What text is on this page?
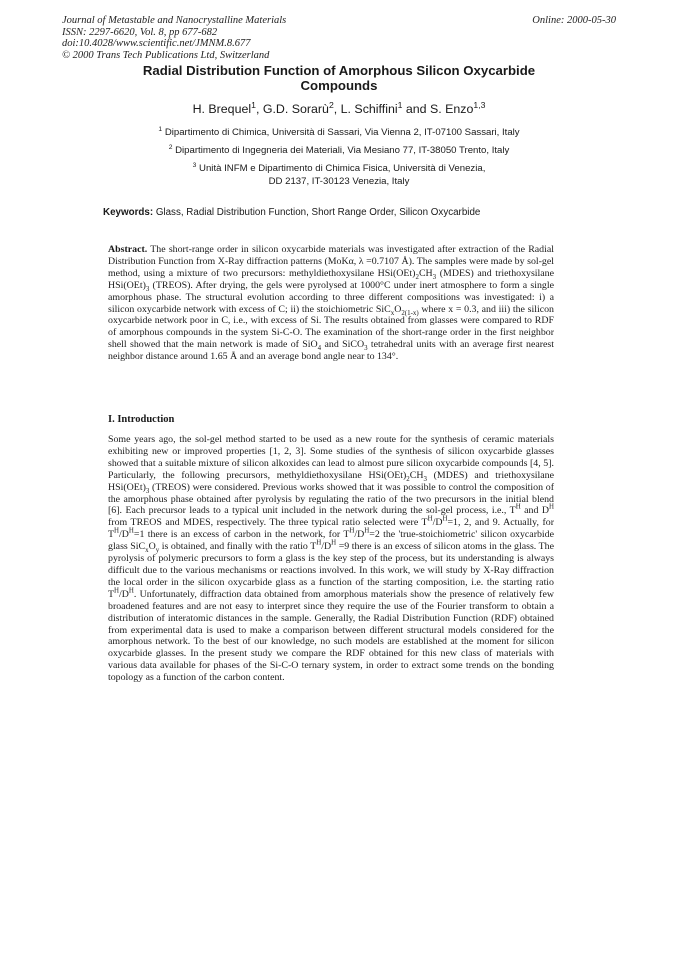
Journal of Metastable and Nanocrystalline Materials
ISSN: 2297-6620, Vol. 8, pp 677-682
doi:10.4028/www.scientific.net/JMNM.8.677
© 2000 Trans Tech Publications Ltd, Switzerland
Online: 2000-05-30
Radial Distribution Function of Amorphous Silicon Oxycarbide
Compounds
H. Brequel$^1$, G.D. Sorarù$^2$, L. Schiffini$^1$ and S. Enzo$^{1,3}$
$^1$ Dipartimento di Chimica, Università di Sassari, Via Vienna 2, IT-07100 Sassari, Italy
$^2$ Dipartimento di Ingegneria dei Materiali, Via Mesiano 77, IT-38050 Trento, Italy
$^3$ Unità INFM e Dipartimento di Chimica Fisica, Università di Venezia,
DD 2137, IT-30123 Venezia, Italy
Keywords: Glass, Radial Distribution Function, Short Range Order, Silicon Oxycarbide
Abstract. The short-range order in silicon oxycarbide materials was investigated after extraction of the Radial Distribution Function from X-Ray diffraction patterns (MoKα, λ =0.7107 Å). The samples were made by sol-gel method, using a mixture of two precursors: methyldiethoxysilane $HSi(OEt)_2CH_3$ (MDES) and triethoxysilane $HSi(OEt)_3$ (TREOS). After drying, the gels were pyrolysed at 1000°C under inert atmosphere to form a single amorphous phase. The structural evolution according to three different compositions was investigated: i) a silicon oxycarbide network with excess of C; ii) the stoichiometric $SiC_xO_{2(1-x)}$ where x = 0.3, and iii) the silicon oxycarbide network poor in C, i.e., with excess of Si. The results obtained from glasses were compared to RDF of amorphous compounds in the system Si-C-O. The examination of the short-range order in the first neighbor shell showed that the main network is made of SiO$_4$ and SiCO$_3$ tetrahedral units with an average first nearest neighbor distance around 1.65 Å and an average bond angle near to 134°.
I. Introduction
Some years ago, the sol-gel method started to be used as a new route for the synthesis of ceramic materials exhibiting new or improved properties [1, 2, 3]. Some studies of the synthesis of silicon oxycarbide glasses showed that a suitable mixture of silicon alkoxides can lead to almost pure silicon oxycarbide compounds [4, 5]. Particularly, the following precursors, methyldiethoxysilane $HSi(OEt)_2CH_3$ (MDES) and triethoxysilane $HSi(OEt)_3$ (TREOS) were considered. Previous works showed that it was possible to control the composition of the amorphous phase obtained after pyrolysis by regulating the ratio of the two precursors in the initial blend [6]. Each precursor leads to a typical unit included in the network during the sol-gel process, i.e., $T^H$ and $D^H$ from TREOS and MDES, respectively. The three typical ratio selected were $T^H/D^H=1$, 2, and 9. Actually, for $T^H/D^H=1$ there is an excess of carbon in the network, for $T^H/D^H=2$ the 'true-stoichiometric' silicon oxycarbide glass $SiC_xO_y$ is obtained, and finally with the ratio $T^H/D^H =9$ there is an excess of silicon atoms in the glass. The pyrolysis of polymeric precursors to form a glass is the key step of the process, but its understanding is always difficult due to the various mechanisms or reactions involved. In this work, we will study by X-Ray diffraction the local order in the silicon oxycarbide glass as a function of the starting composition, i.e. the starting ratio $T^H/D^H$. Unfortunately, diffraction data obtained from amorphous materials show the presence of relatively few broadened features and are not easy to interpret since they require the use of the Fourier transform to obtain a distribution of interatomic distances in the sample. Generally, the Radial Distribution Function (RDF) obtained from experimental data is used to make a comparison between different structural models considered for the amorphous network. To the best of our knowledge, no such models are established at the moment for silicon oxycarbide glasses. In the present study we compare the RDF obtained for this new class of materials with various data available for phases of the Si-C-O ternary system, in order to extract some trends on the bonding topology as a function of the carbon content.
